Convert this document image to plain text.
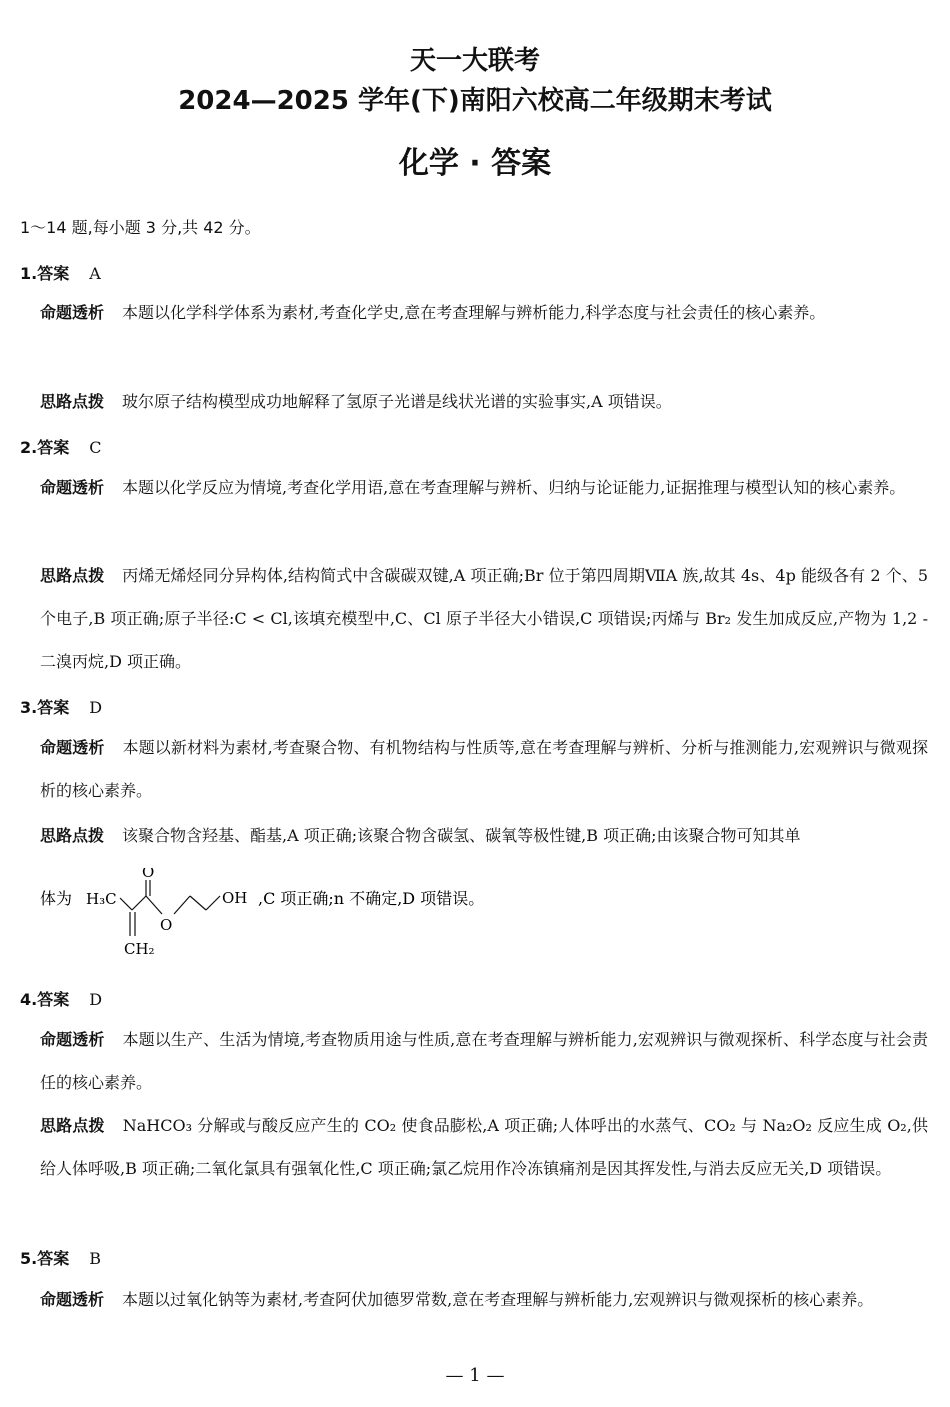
天一大联考
2024—2025 学年(下)南阳六校高二年级期末考试
化学 · 答案
1～14 题,每小题 3 分,共 42 分。
1.答案 A
命题透析 本题以化学科学体系为素材,考查化学史,意在考查理解与辨析能力,科学态度与社会责任的核心素养。
思路点拨 玻尔原子结构模型成功地解释了氢原子光谱是线状光谱的实验事实,A 项错误。
2.答案 C
命题透析 本题以化学反应为情境,考查化学用语,意在考查理解与辨析、归纳与论证能力,证据推理与模型认知的核心素养。
思路点拨 丙烯无烯烃同分异构体,结构简式中含碳碳双键,A 项正确;Br 位于第四周期ⅦA 族,故其 4s、4p 能级各有 2 个、5 个电子,B 项正确;原子半径:C < Cl,该填充模型中,C、Cl 原子半径大小错误,C 项错误;丙烯与 Br₂ 发生加成反应,产物为 1,2 - 二溴丙烷,D 项正确。
3.答案 D
命题透析 本题以新材料为素材,考查聚合物、有机物结构与性质等,意在考查理解与辨析、分析与推测能力,宏观辨识与微观探析的核心素养。
思路点拨 该聚合物含羟基、酯基,A 项正确;该聚合物含碳氢、碳氧等极性键,B 项正确;由该聚合物可知其单
体为 H₃C
O
O
OH
CH₂
,C 项正确;n 不确定,D 项错误。
4.答案 D
命题透析 本题以生产、生活为情境,考查物质用途与性质,意在考查理解与辨析能力,宏观辨识与微观探析、科学态度与社会责任的核心素养。
思路点拨 NaHCO₃ 分解或与酸反应产生的 CO₂ 使食品膨松,A 项正确;人体呼出的水蒸气、CO₂ 与 Na₂O₂ 反应生成 O₂,供给人体呼吸,B 项正确;二氧化氯具有强氧化性,C 项正确;氯乙烷用作冷冻镇痛剂是因其挥发性,与消去反应无关,D 项错误。
5.答案 B
命题透析 本题以过氧化钠等为素材,考查阿伏加德罗常数,意在考查理解与辨析能力,宏观辨识与微观探析的核心素养。
— 1 —
